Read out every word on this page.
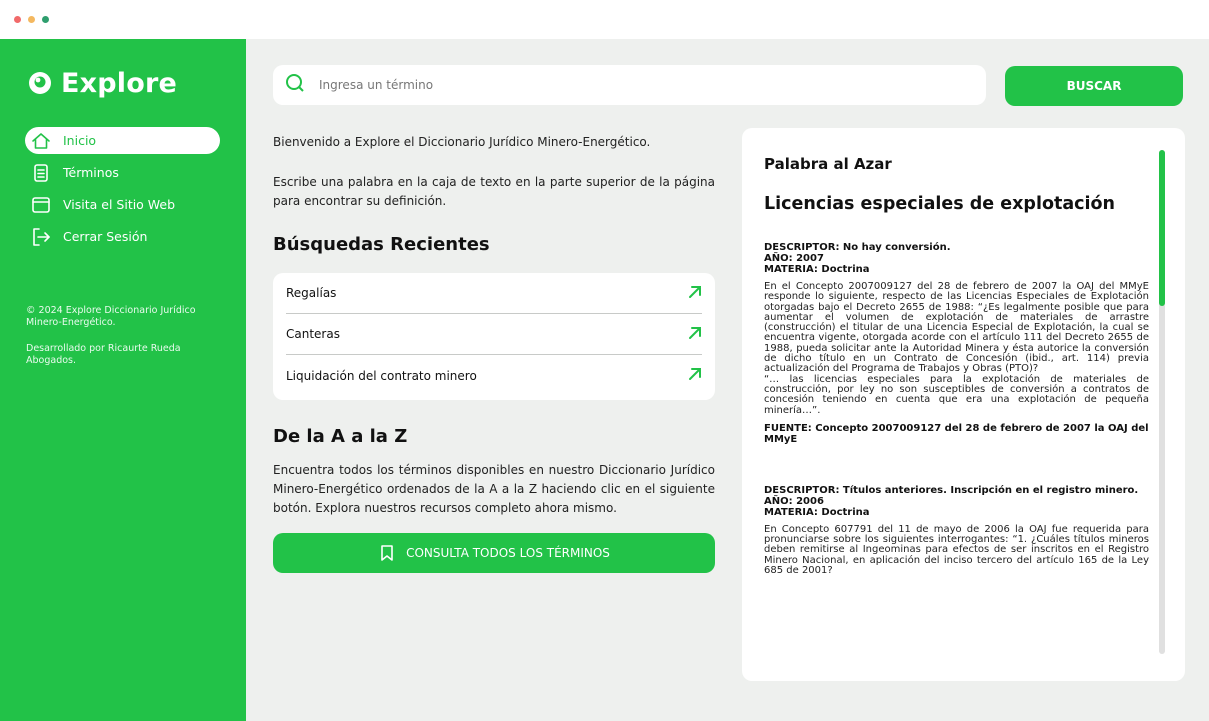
Explore
Inicio
Términos
Visita el Sitio Web
Cerrar Sesión

© 2024 Explore Diccionario Jurídico Minero-Energético.

Desarrollado por Ricaurte Rueda Abogados.

Ingresa un término
BUSCAR

Bienvenido a Explore el Diccionario Jurídico Minero-Energético.

Escribe una palabra en la caja de texto en la parte superior de la página para encontrar su definición.

Búsquedas Recientes
Regalías
Canteras
Liquidación del contrato minero
De la A a la Z

Encuentra todos los términos disponibles en nuestro Diccionario Jurídico Minero-Energético ordenados de la A a la Z haciendo clic en el siguiente botón. Explora nuestros recursos completo ahora mismo.

CONSULTA TODOS LOS TÉRMINOS
Palabra al Azar
Licencias especiales de explotación
DESCRIPTOR: No hay conversión.
AÑO: 2007
MATERIA: Doctrina

En el Concepto 2007009127 del 28 de febrero de 2007 la OAJ del MMyE responde lo siguiente, respecto de las Licencias Especiales de Explotación otorgadas bajo el Decreto 2655 de 1988: “¿Es legalmente posible que para aumentar el volumen de explotación de materiales de arrastre (construcción) el titular de una Licencia Especial de Explotación, la cual se encuentra vigente, otorgada acorde con el artículo 111 del Decreto 2655 de 1988, pueda solicitar ante la Autoridad Minera y ésta autorice la conversión de dicho título en un Contrato de Concesión (ibid., art. 114) previa actualización del Programa de Trabajos y Obras (PTO)?

“… las licencias especiales para la explotación de materiales de construcción, por ley no son susceptibles de conversión a contratos de concesión teniendo en cuenta que era una explotación de pequeña minería…”.

FUENTE: Concepto 2007009127 del 28 de febrero de 2007 la OAJ del MMyE
DESCRIPTOR: Títulos anteriores. Inscripción en el registro minero.
AÑO: 2006
MATERIA: Doctrina

En Concepto 607791 del 11 de mayo de 2006 la OAJ fue requerida para pronunciarse sobre los siguientes interrogantes: “1. ¿Cuáles títulos mineros deben remitirse al Ingeominas para efectos de ser inscritos en el Registro Minero Nacional, en aplicación del inciso tercero del artículo 165 de la Ley 685 de 2001?
